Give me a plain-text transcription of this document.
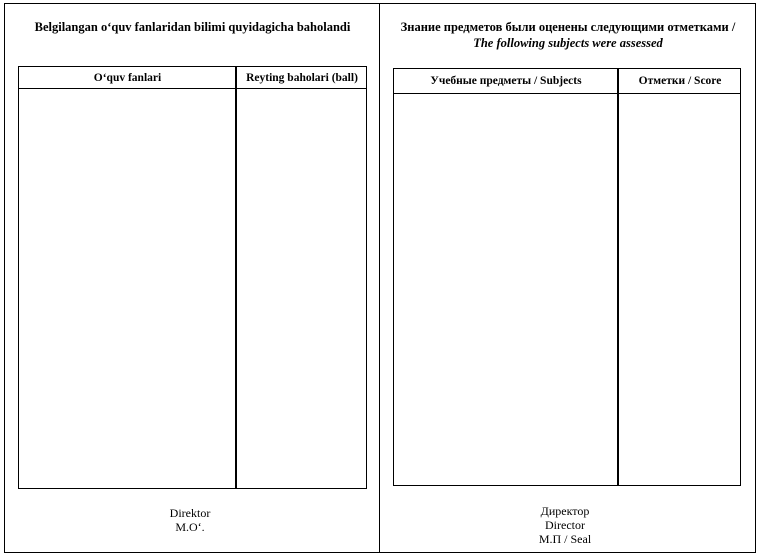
Belgilangan o‘quv fanlaridan bilimi quyidagicha baholandi
O‘quv fanlari	Reyting baholari (ball)
Direktor
M.O‘.
Знание предметов были оценены следующими отметками /
The following subjects were assessed
Учебные предметы / Subjects	Отметки / Score
Директор
Director
М.П / Seal
